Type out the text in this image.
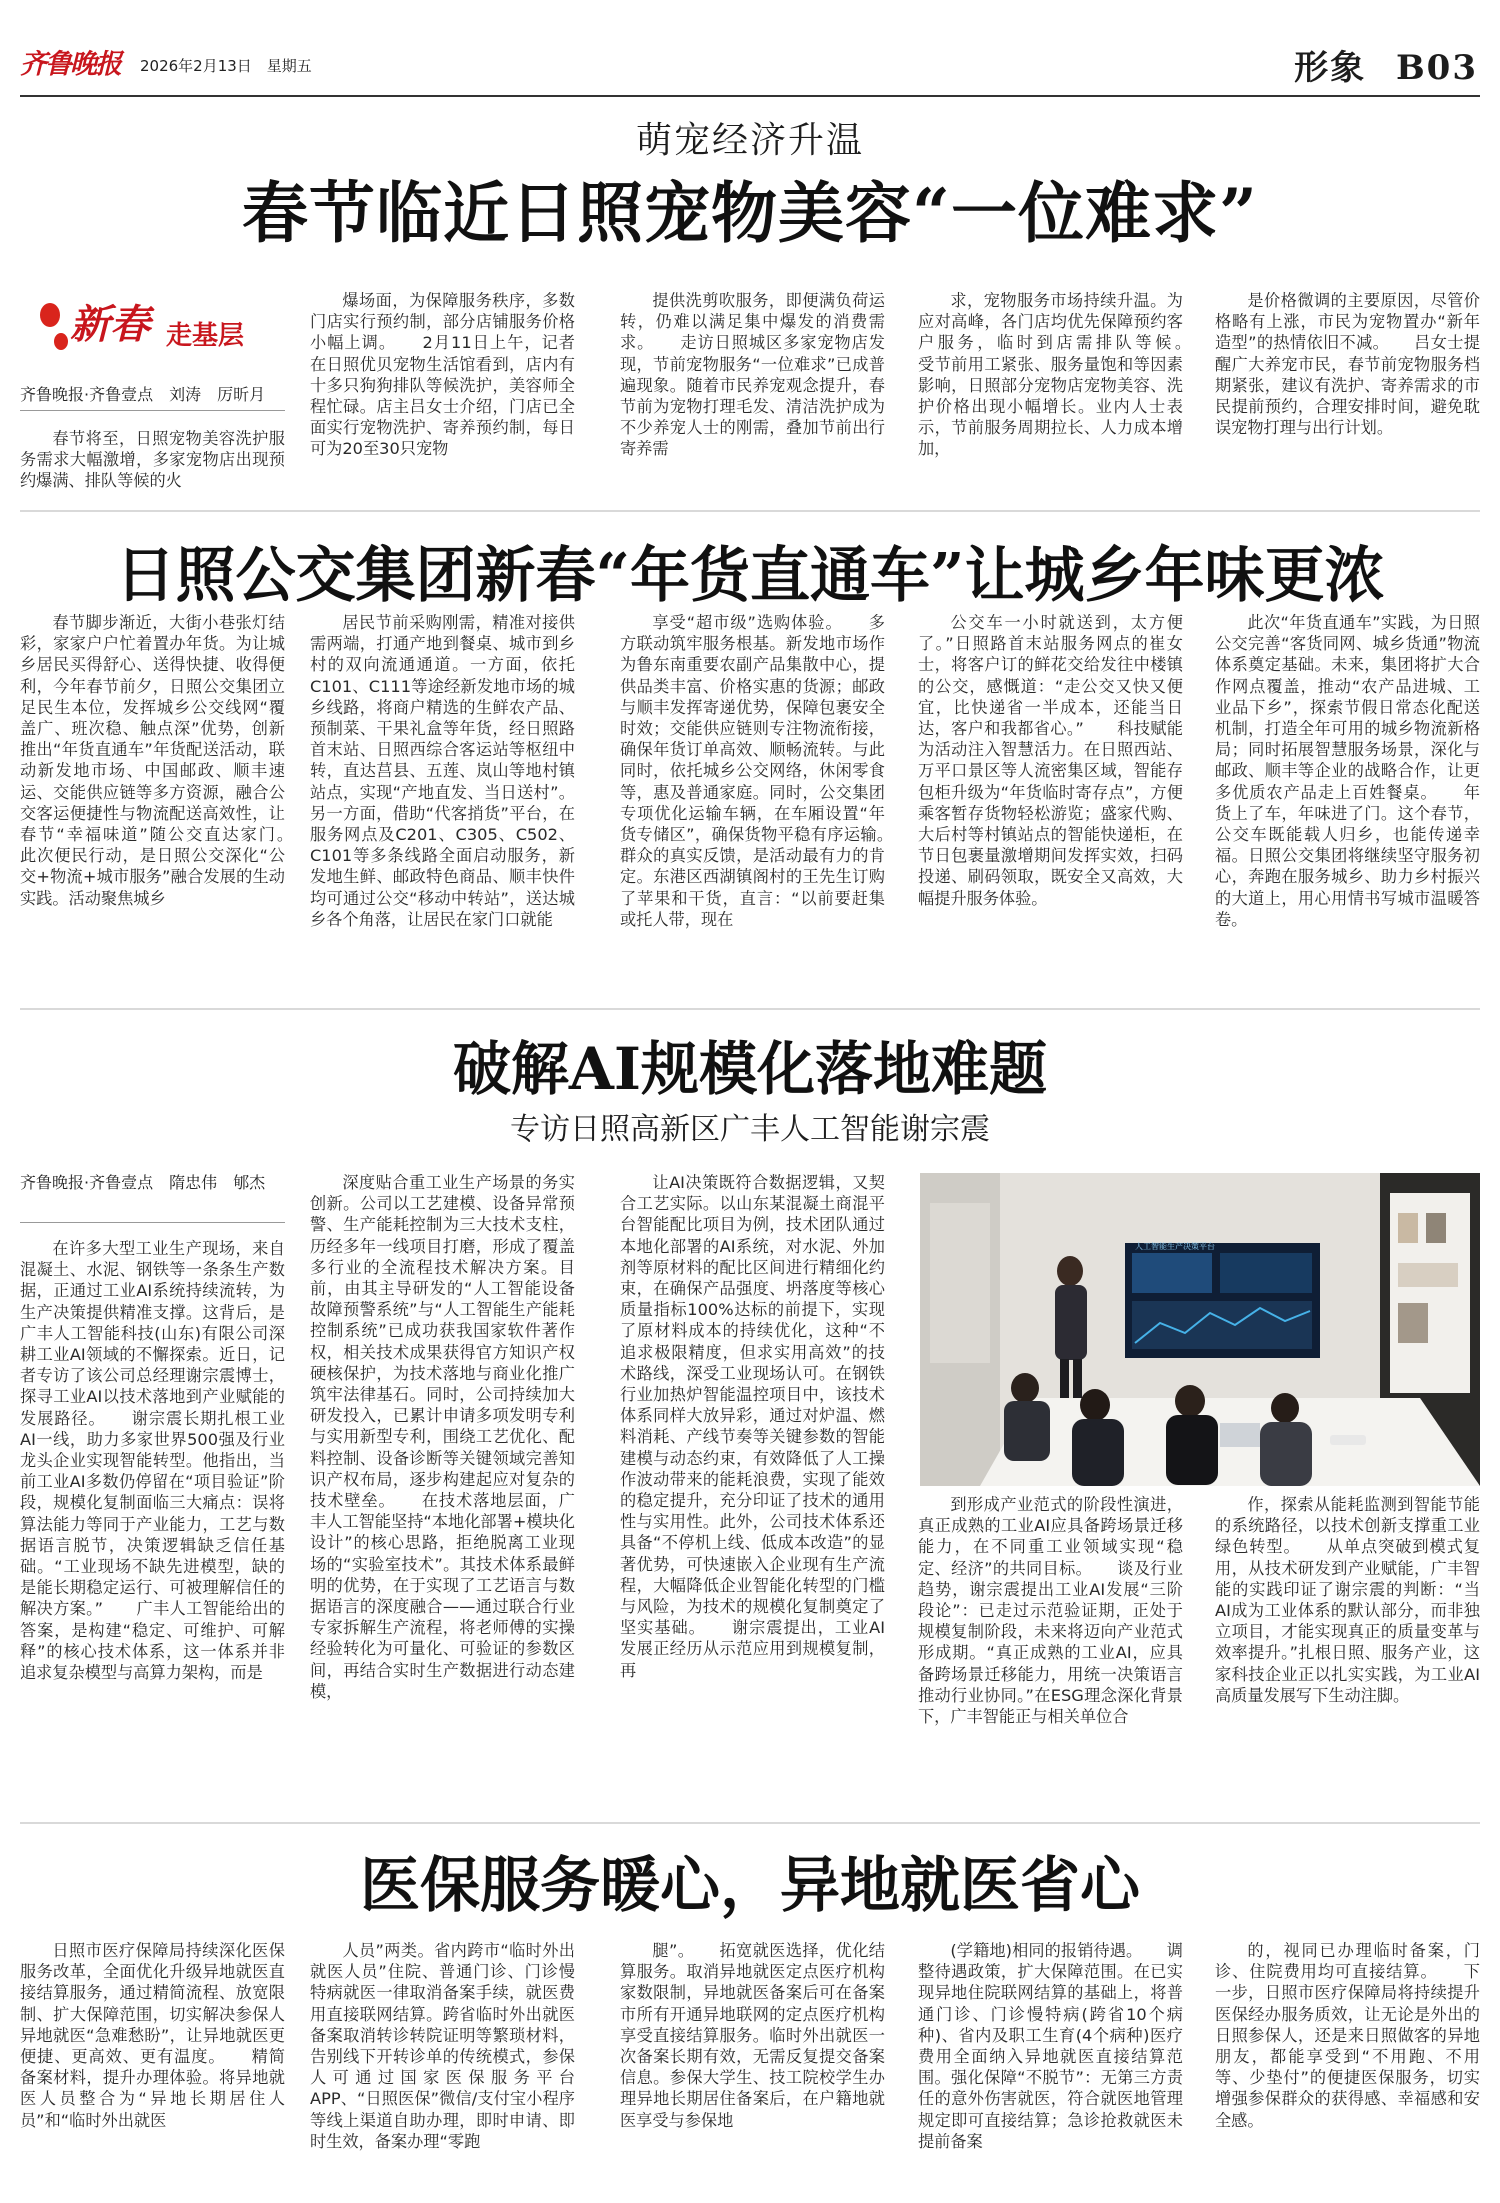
齐鲁晚报	2026年2月13日　星期五	形象 B03
萌宠经济升温
春节临近日照宠物美容“一位难求”
新春 走基层
齐鲁晚报·齐鲁壹点　刘涛　厉昕月

春节将至，日照宠物美容洗护服务需求大幅激增，多家宠物店出现预约爆满、排队等候的火

爆场面，为保障服务秩序，多数门店实行预约制，部分店铺服务价格小幅上调。　　2月11日上午，记者在日照优贝宠物生活馆看到，店内有十多只狗狗排队等候洗护，美容师全程忙碌。店主吕女士介绍，门店已全面实行宠物洗护、寄养预约制，每日可为20至30只宠物

提供洗剪吹服务，即便满负荷运转，仍难以满足集中爆发的消费需求。　　走访日照城区多家宠物店发现，节前宠物服务“一位难求”已成普遍现象。随着市民养宠观念提升，春节前为宠物打理毛发、清洁洗护成为不少养宠人士的刚需，叠加节前出行寄养需

求，宠物服务市场持续升温。为应对高峰，各门店均优先保障预约客户服务，临时到店需排队等候。　　受节前用工紧张、服务量饱和等因素影响，日照部分宠物店宠物美容、洗护价格出现小幅增长。业内人士表示，节前服务周期拉长、人力成本增加，

是价格微调的主要原因，尽管价格略有上涨，市民为宠物置办“新年造型”的热情依旧不减。　　吕女士提醒广大养宠市民，春节前宠物服务档期紧张，建议有洗护、寄养需求的市民提前预约，合理安排时间，避免耽误宠物打理与出行计划。

日照公交集团新春“年货直通车”让城乡年味更浓

春节脚步渐近，大街小巷张灯结彩，家家户户忙着置办年货。为让城乡居民买得舒心、送得快捷、收得便利，今年春节前夕，日照公交集团立足民生本位，发挥城乡公交线网“覆盖广、班次稳、触点深”优势，创新推出“年货直通车”年货配送活动，联动新发地市场、中国邮政、顺丰速运、交能供应链等多方资源，融合公交客运便捷性与物流配送高效性，让春节“幸福味道”随公交直达家门。　　此次便民行动，是日照公交深化“公交+物流+城市服务”融合发展的生动实践。活动聚焦城乡

居民节前采购刚需，精准对接供需两端，打通产地到餐桌、城市到乡村的双向流通通道。一方面，依托C101、C111等途经新发地市场的城乡线路，将商户精选的生鲜农产品、预制菜、干果礼盒等年货，经日照路首末站、日照西综合客运站等枢纽中转，直达莒县、五莲、岚山等地村镇站点，实现“产地直发、当日送村”。另一方面，借助“代客捎货”平台，在服务网点及C201、C305、C502、C101等多条线路全面启动服务，新发地生鲜、邮政特色商品、顺丰快件均可通过公交“移动中转站”，送达城乡各个角落，让居民在家门口就能

享受“超市级”选购体验。　　多方联动筑牢服务根基。新发地市场作为鲁东南重要农副产品集散中心，提供品类丰富、价格实惠的货源；邮政与顺丰发挥寄递优势，保障包裹安全时效；交能供应链则专注物流衔接，确保年货订单高效、顺畅流转。与此同时，依托城乡公交网络，休闲零食等，惠及普通家庭。同时，公交集团专项优化运输车辆，在车厢设置“年货专储区”，确保货物平稳有序运输。　　群众的真实反馈，是活动最有力的肯定。东港区西湖镇阁村的王先生订购了苹果和干货，直言：“以前要赶集或托人带，现在

公交车一小时就送到，太方便了。”日照路首末站服务网点的崔女士，将客户订的鲜花交给发往中楼镇的公交，感慨道：“走公交又快又便宜，比快递省一半成本，还能当日达，客户和我都省心。”　　科技赋能为活动注入智慧活力。在日照西站、万平口景区等人流密集区域，智能存包柜升级为“年货临时寄存点”，方便乘客暂存货物轻松游览；盛家代购、大后村等村镇站点的智能快递柜，在节日包裹量激增期间发挥实效，扫码投递、刷码领取，既安全又高效，大幅提升服务体验。

此次“年货直通车”实践，为日照公交完善“客货同网、城乡货通”物流体系奠定基础。未来，集团将扩大合作网点覆盖，推动“农产品进城、工业品下乡”，探索节假日常态化配送机制，打造全年可用的城乡物流新格局；同时拓展智慧服务场景，深化与邮政、顺丰等企业的战略合作，让更多优质农产品走上百姓餐桌。　　年货上了车，年味进了门。这个春节，公交车既能载人归乡，也能传递幸福。日照公交集团将继续坚守服务初心，奔跑在服务城乡、助力乡村振兴的大道上，用心用情书写城市温暖答卷。

破解AI规模化落地难题
专访日照高新区广丰人工智能谢宗震
齐鲁晚报·齐鲁壹点　隋忠伟　郇杰

在许多大型工业生产现场，来自混凝土、水泥、钢铁等一条条生产数据，正通过工业AI系统持续流转，为生产决策提供精准支撑。这背后，是广丰人工智能科技(山东)有限公司深耕工业AI领域的不懈探索。近日，记者专访了该公司总经理谢宗震博士，探寻工业AI以技术落地到产业赋能的发展路径。　　谢宗震长期扎根工业AI一线，助力多家世界500强及行业龙头企业实现智能转型。他指出，当前工业AI多数仍停留在“项目验证”阶段，规模化复制面临三大痛点：误将算法能力等同于产业能力，工艺与数据语言脱节，决策逻辑缺乏信任基础。“工业现场不缺先进模型，缺的是能长期稳定运行、可被理解信任的解决方案。”　　广丰人工智能给出的答案，是构建“稳定、可维护、可解释”的核心技术体系，这一体系并非追求复杂模型与高算力架构，而是

深度贴合重工业生产场景的务实创新。公司以工艺建模、设备异常预警、生产能耗控制为三大技术支柱，历经多年一线项目打磨，形成了覆盖多行业的全流程技术解决方案。目前，由其主导研发的“人工智能设备故障预警系统”与“人工智能生产能耗控制系统”已成功获我国家软件著作权，相关技术成果获得官方知识产权硬核保护，为技术落地与商业化推广筑牢法律基石。同时，公司持续加大研发投入，已累计申请多项发明专利与实用新型专利，围绕工艺优化、配料控制、设备诊断等关键领域完善知识产权布局，逐步构建起应对复杂的技术壁垒。　　在技术落地层面，广丰人工智能坚持“本地化部署+模块化设计”的核心思路，拒绝脱离工业现场的“实验室技术”。其技术体系最鲜明的优势，在于实现了工艺语言与数据语言的深度融合——通过联合行业专家拆解生产流程，将老师傅的实操经验转化为可量化、可验证的参数区间，再结合实时生产数据进行动态建模，

让AI决策既符合数据逻辑，又契合工艺实际。以山东某混凝土商混平台智能配比项目为例，技术团队通过本地化部署的AI系统，对水泥、外加剂等原材料的配比区间进行精细化约束，在确保产品强度、坍落度等核心质量指标100%达标的前提下，实现了原材料成本的持续优化，这种“不追求极限精度，但求实用高效”的技术路线，深受工业现场认可。在钢铁行业加热炉智能温控项目中，该技术体系同样大放异彩，通过对炉温、燃料消耗、产线节奏等关键参数的智能建模与动态约束，有效降低了人工操作波动带来的能耗浪费，实现了能效的稳定提升，充分印证了技术的通用性与实用性。此外，公司技术体系还具备“不停机上线、低成本改造”的显著优势，可快速嵌入企业现有生产流程，大幅降低企业智能化转型的门槛与风险，为技术的规模化复制奠定了坚实基础。　　谢宗震提出，工业AI发展正经历从示范应用到规模复制，再

人工智能生产决策平台

到形成产业范式的阶段性演进，真正成熟的工业AI应具备跨场景迁移能力，在不同重工业领域实现“稳定、经济”的共同目标。　　谈及行业趋势，谢宗震提出工业AI发展“三阶段论”：已走过示范验证期，正处于规模复制阶段，未来将迈向产业范式形成期。“真正成熟的工业AI，应具备跨场景迁移能力，用统一决策语言推动行业协同。”在ESG理念深化背景下，广丰智能正与相关单位合

作，探索从能耗监测到智能节能的系统路径，以技术创新支撑重工业绿色转型。　　从单点突破到模式复用，从技术研发到产业赋能，广丰智能的实践印证了谢宗震的判断：“当AI成为工业体系的默认部分，而非独立项目，才能实现真正的质量变革与效率提升。”扎根日照、服务产业，这家科技企业正以扎实实践，为工业AI高质量发展写下生动注脚。

医保服务暖心，异地就医省心

日照市医疗保障局持续深化医保服务改革，全面优化升级异地就医直接结算服务，通过精简流程、放宽限制、扩大保障范围，切实解决参保人异地就医“急难愁盼”，让异地就医更便捷、更高效、更有温度。　　精简备案材料，提升办理体验。将异地就医人员整合为“异地长期居住人员”和“临时外出就医

人员”两类。省内跨市“临时外出就医人员”住院、普通门诊、门诊慢特病就医一律取消备案手续，就医费用直接联网结算。跨省临时外出就医备案取消转诊转院证明等繁琐材料，告别线下开转诊单的传统模式，参保人可通过国家医保服务平台APP、“日照医保”微信/支付宝小程序等线上渠道自助办理，即时申请、即时生效，备案办理“零跑

腿”。　　拓宽就医选择，优化结算服务。取消异地就医定点医疗机构家数限制，异地就医备案后可在备案市所有开通异地联网的定点医疗机构享受直接结算服务。临时外出就医一次备案长期有效，无需反复提交备案信息。参保大学生、技工院校学生办理异地长期居住备案后，在户籍地就医享受与参保地

(学籍地)相同的报销待遇。　　调整待遇政策，扩大保障范围。在已实现异地住院联网结算的基础上，将普通门诊、门诊慢特病(跨省10个病种)、省内及职工生育(4个病种)医疗费用全面纳入异地就医直接结算范围。强化保障“不脱节”：无第三方责任的意外伤害就医，符合就医地管理规定即可直接结算；急诊抢救就医未提前备案

的，视同已办理临时备案，门诊、住院费用均可直接结算。　　下一步，日照市医疗保障局将持续提升医保经办服务质效，让无论是外出的日照参保人，还是来日照做客的异地朋友，都能享受到“不用跑、不用等、少垫付”的便捷医保服务，切实增强参保群众的获得感、幸福感和安全感。
